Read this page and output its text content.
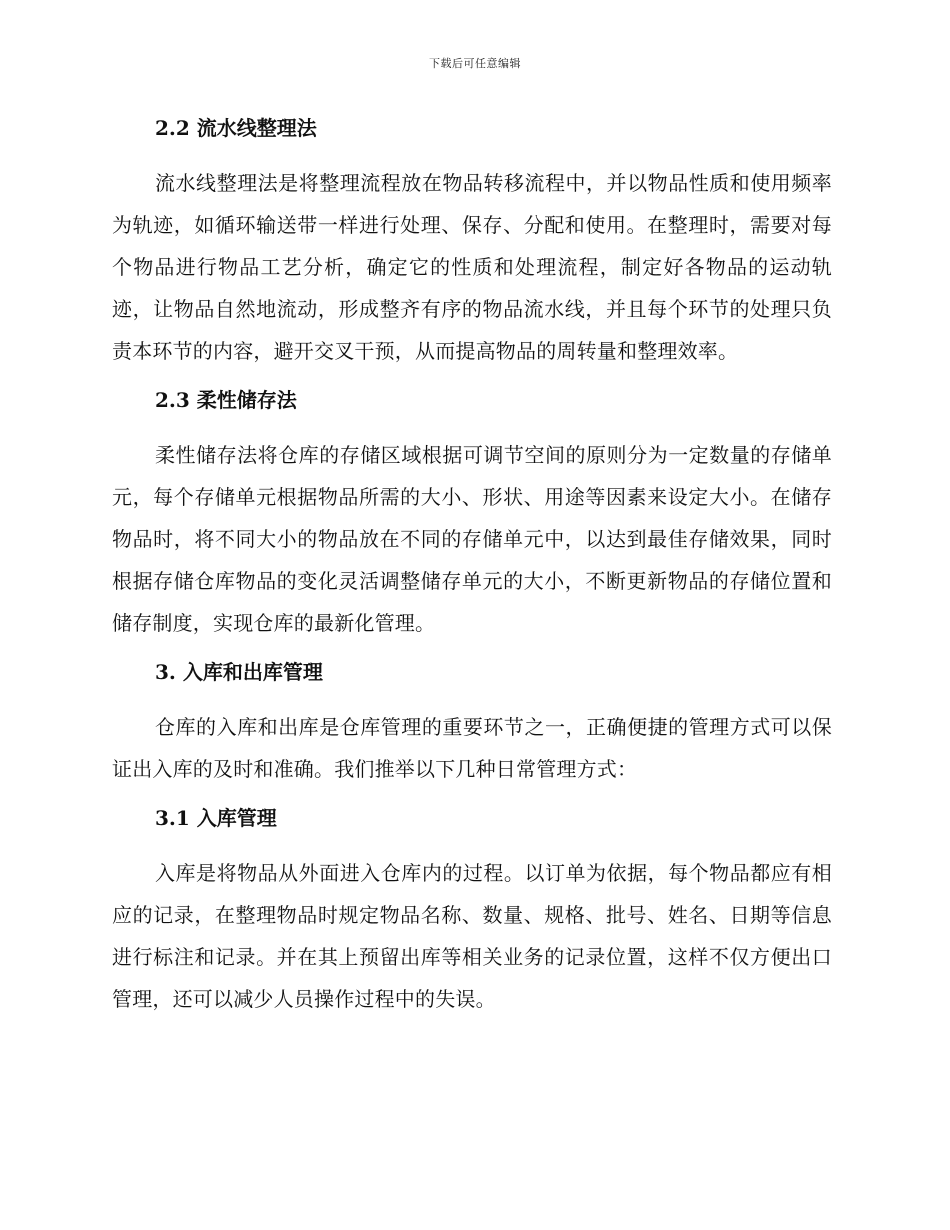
下载后可任意编辑
2.2 流水线整理法

流水线整理法是将整理流程放在物品转移流程中，并以物品性质和使用频率为轨迹，如循环输送带一样进行处理、保存、分配和使用。在整理时，需要对每个物品进行物品工艺分析，确定它的性质和处理流程，制定好各物品的运动轨迹，让物品自然地流动，形成整齐有序的物品流水线，并且每个环节的处理只负责本环节的内容，避开交叉干预，从而提高物品的周转量和整理效率。

2.3 柔性储存法

柔性储存法将仓库的存储区域根据可调节空间的原则分为一定数量的存储单元，每个存储单元根据物品所需的大小、形状、用途等因素来设定大小。在储存物品时，将不同大小的物品放在不同的存储单元中，以达到最佳存储效果，同时根据存储仓库物品的变化灵活调整储存单元的大小，不断更新物品的存储位置和储存制度，实现仓库的最新化管理。

3. 入库和出库管理

仓库的入库和出库是仓库管理的重要环节之一，正确便捷的管理方式可以保证出入库的及时和准确。我们推举以下几种日常管理方式：

3.1 入库管理

入库是将物品从外面进入仓库内的过程。以订单为依据，每个物品都应有相应的记录，在整理物品时规定物品名称、数量、规格、批号、姓名、日期等信息进行标注和记录。并在其上预留出库等相关业务的记录位置，这样不仅方便出口管理，还可以减少人员操作过程中的失误。
